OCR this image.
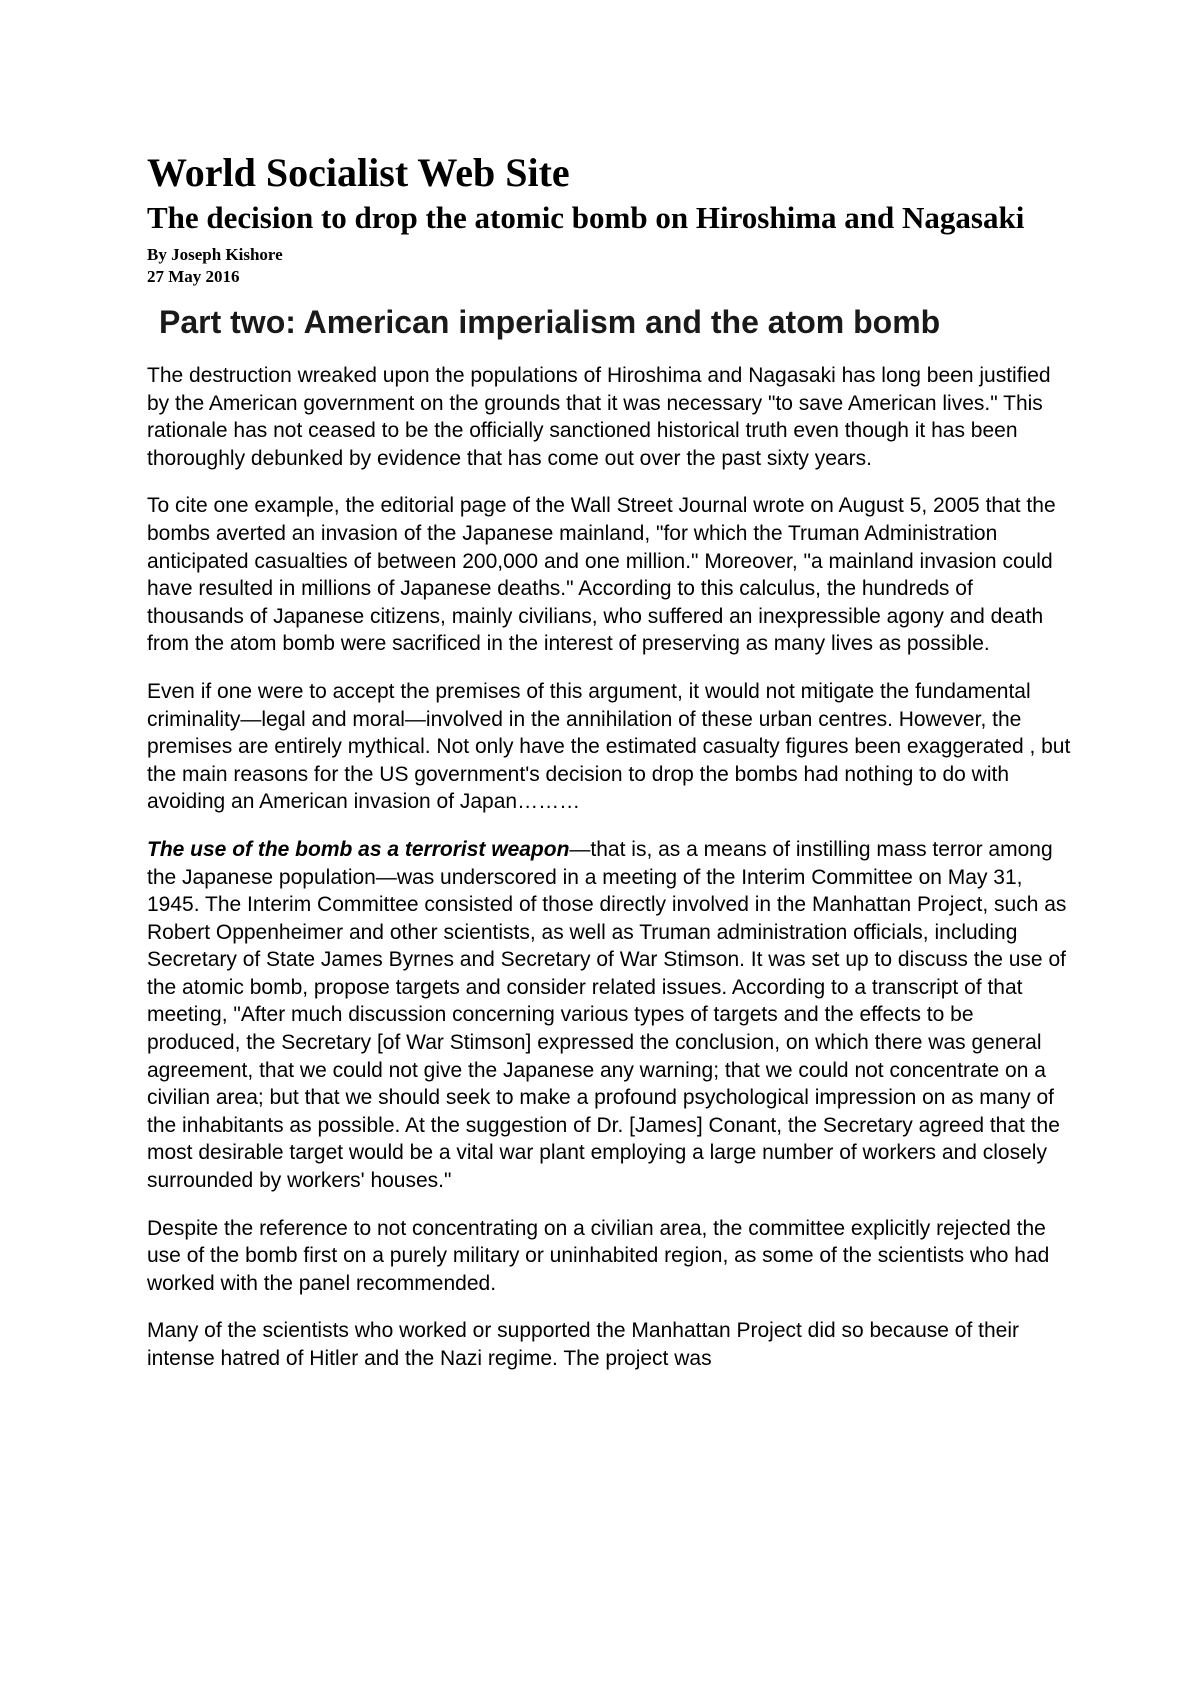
World Socialist Web Site
The decision to drop the atomic bomb on Hiroshima and Nagasaki

By Joseph Kishore

27 May 2016

Part two: American imperialism and the atom bomb

The destruction wreaked upon the populations of Hiroshima and Nagasaki has long been justified by the American government on the grounds that it was necessary "to save American lives." This rationale has not ceased to be the officially sanctioned historical truth even though it has been thoroughly debunked by evidence that has come out over the past sixty years.

To cite one example, the editorial page of the Wall Street Journal wrote on August 5, 2005 that the bombs averted an invasion of the Japanese mainland, "for which the Truman Administration anticipated casualties of between 200,000 and one million." Moreover, "a mainland invasion could have resulted in millions of Japanese deaths." According to this calculus, the hundreds of thousands of Japanese citizens, mainly civilians, who suffered an inexpressible agony and death from the atom bomb were sacrificed in the interest of preserving as many lives as possible.

Even if one were to accept the premises of this argument, it would not mitigate the fundamental criminality—legal and moral—involved in the annihilation of these urban centres. However, the premises are entirely mythical. Not only have the estimated casualty figures been exaggerated , but the main reasons for the US government's decision to drop the bombs had nothing to do with avoiding an American invasion of Japan………

The use of the bomb as a terrorist weapon—that is, as a means of instilling mass terror among the Japanese population—was underscored in a meeting of the Interim Committee on May 31, 1945. The Interim Committee consisted of those directly involved in the Manhattan Project, such as Robert Oppenheimer and other scientists, as well as Truman administration officials, including Secretary of State James Byrnes and Secretary of War Stimson. It was set up to discuss the use of the atomic bomb, propose targets and consider related issues. According to a transcript of that meeting, "After much discussion concerning various types of targets and the effects to be produced, the Secretary [of War Stimson] expressed the conclusion, on which there was general agreement, that we could not give the Japanese any warning; that we could not concentrate on a civilian area; but that we should seek to make a profound psychological impression on as many of the inhabitants as possible. At the suggestion of Dr. [James] Conant, the Secretary agreed that the most desirable target would be a vital war plant employing a large number of workers and closely surrounded by workers' houses."

Despite the reference to not concentrating on a civilian area, the committee explicitly rejected the use of the bomb first on a purely military or uninhabited region, as some of the scientists who had worked with the panel recommended.

Many of the scientists who worked or supported the Manhattan Project did so because of their intense hatred of Hitler and the Nazi regime. The project was
